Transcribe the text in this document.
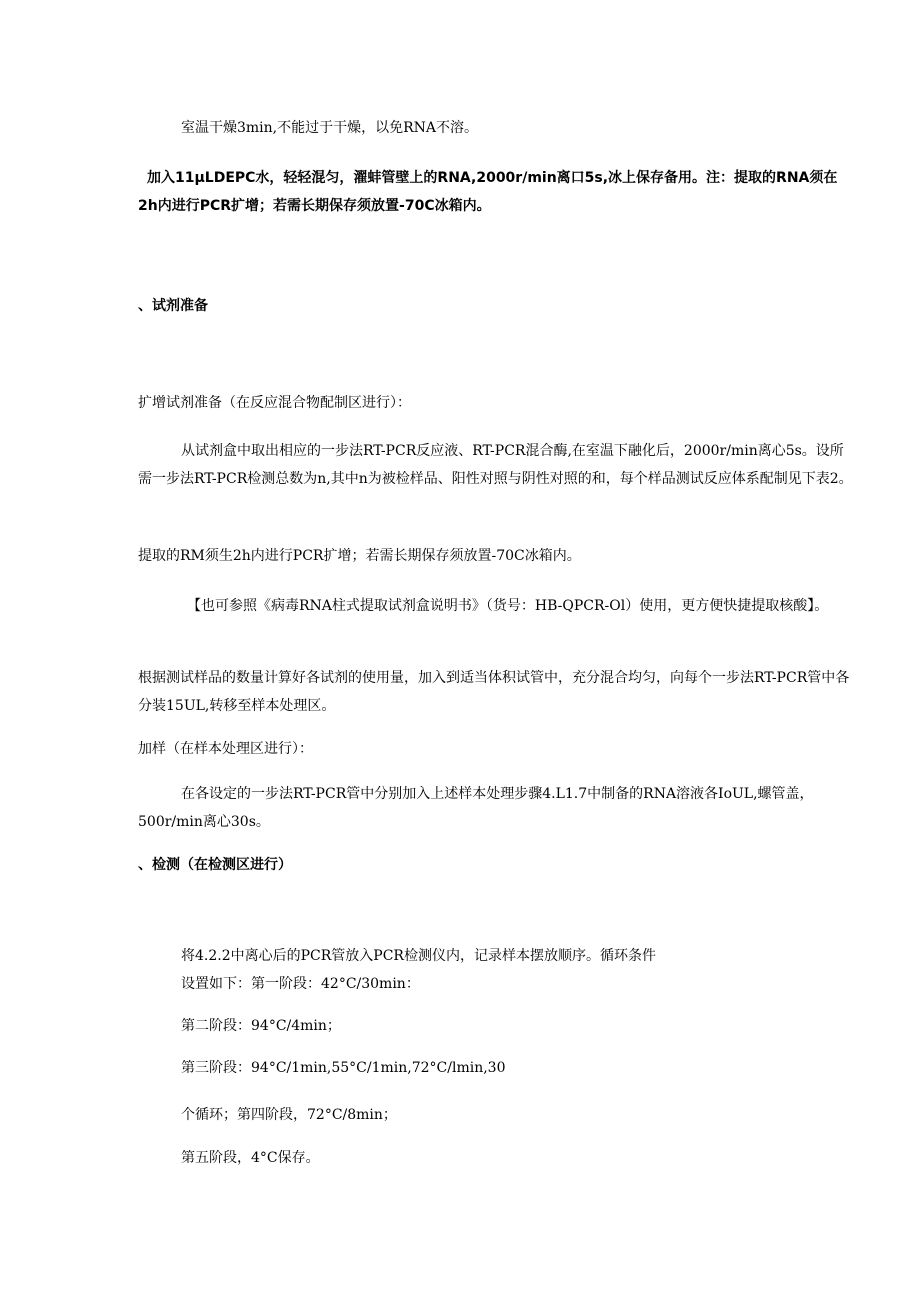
室温干燥3min,不能过于干燥，以免RNA不溶。

加入11μLDEPC水，轻轻混匀，濯蚌管壁上的RNA,2000r/min离口5s,冰上保存备用。注：提取的RNA须在2h内进行PCR扩增；若需长期保存须放置-70C冰箱内。

、试剂准备

扩增试剂准备（在反应混合物配制区进行）：

从试剂盒中取出相应的一步法RT-PCR反应液、RT-PCR混合酶,在室温下融化后，2000r/min离心5s。设所需一步法RT-PCR检测总数为n,其中n为被检样品、阳性对照与阴性对照的和，每个样品测试反应体系配制见下表2。

提取的RM须生2h内进行PCR扩增；若需长期保存须放置-70C冰箱内。

【也可参照《病毒RNA柱式提取试剂盒说明书》（货号：HB-QPCR-Ol）使用，更方便快捷提取核酸】。

根据测试样品的数量计算好各试剂的使用量，加入到适当体积试管中，充分混合均匀，向每个一步法RT-PCR管中各分装15UL,转移至样本处理区。

加样（在样本处理区进行）：

在各设定的一步法RT-PCR管中分别加入上述样本处理步骤4.L1.7中制备的RNA溶液各IoUL,螺管盖，500r/min离心30s。

、检测（在检测区进行）

将4.2.2中离心后的PCR管放入PCR检测仪内，记录样本摆放顺序。循环条件

设置如下：第一阶段：42°C/30min：

第二阶段：94°C/4min；

第三阶段：94°C/1min,55°C/1min,72°C/lmin,30

个循环；第四阶段，72°C/8min；

第五阶段，4°C保存。
